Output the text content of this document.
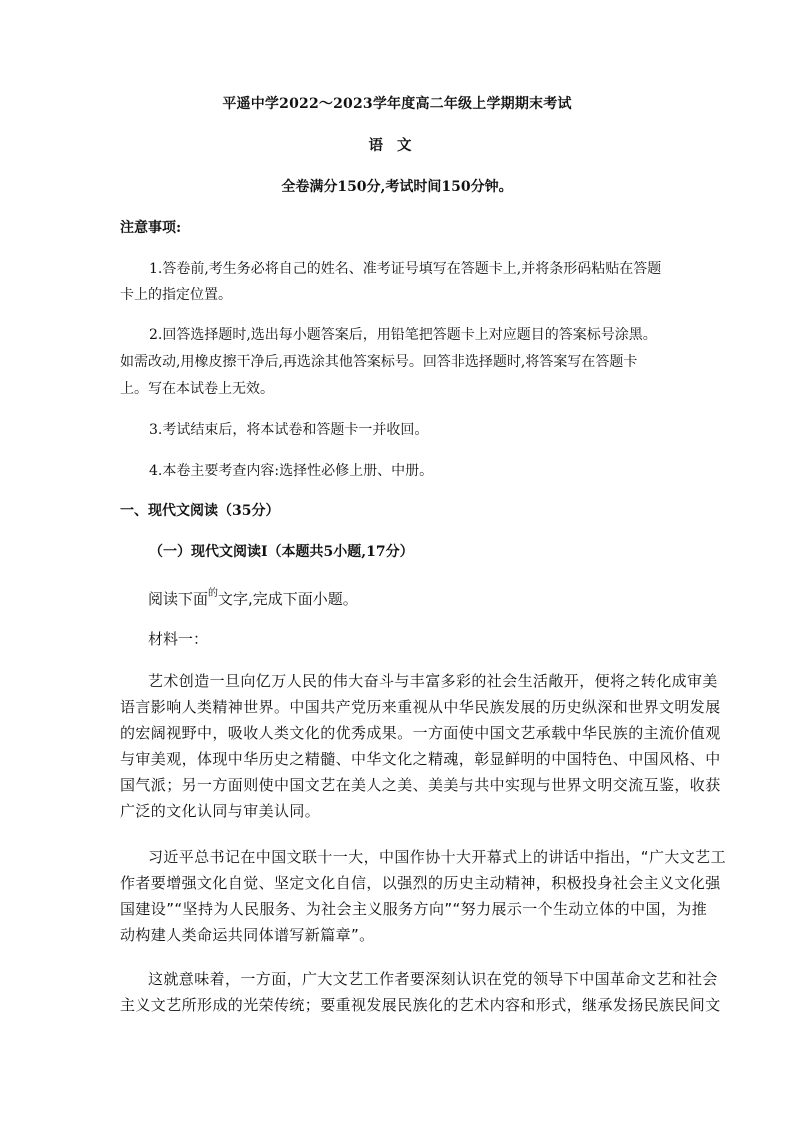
平遥中学2022～2023学年度高二年级上学期期末考试
语文
全卷满分150分,考试时间150分钟。
注意事项:
1.答卷前,考生务必将自己的姓名、准考证号填写在答题卡上,并将条形码粘贴在答题
卡上的指定位置。
2.回答选择题时,选出每小题答案后，用铅笔把答题卡上对应题目的答案标号涂黑。
如需改动,用橡皮擦干净后,再选涂其他答案标号。回答非选择题时,将答案写在答题卡
上。写在本试卷上无效。
3.考试结束后，将本试卷和答题卡一并收回。
4.本卷主要考查内容:选择性必修上册、中册。
一、现代文阅读（35分）
（一）现代文阅读Ⅰ（本题共5小题,17分）
阅读下面$^的$文字,完成下面小题。
材料一：
艺术创造一旦向亿万人民的伟大奋斗与丰富多彩的社会生活敞开，便将之转化成审美
语言影响人类精神世界。中国共产党历来重视从中华民族发展的历史纵深和世界文明发展
的宏阔视野中，吸收人类文化的优秀成果。一方面使中国文艺承载中华民族的主流价值观
与审美观，体现中华历史之精髓、中华文化之精魂，彰显鲜明的中国特色、中国风格、中
国气派；另一方面则使中国文艺在美人之美、美美与共中实现与世界文明交流互鉴，收获
广泛的文化认同与审美认同。
习近平总书记在中国文联十一大，中国作协十大开幕式上的讲话中指出，“广大文艺工
作者要增强文化自觉、坚定文化自信，以强烈的历史主动精神，积极投身社会主义文化强
国建设”“坚持为人民服务、为社会主义服务方向”“努力展示一个生动立体的中国，为推
动构建人类命运共同体谱写新篇章”。
这就意味着，一方面，广大文艺工作者要深刻认识在党的领导下中国革命文艺和社会
主义文艺所形成的光荣传统；要重视发展民族化的艺术内容和形式，继承发扬民族民间文
